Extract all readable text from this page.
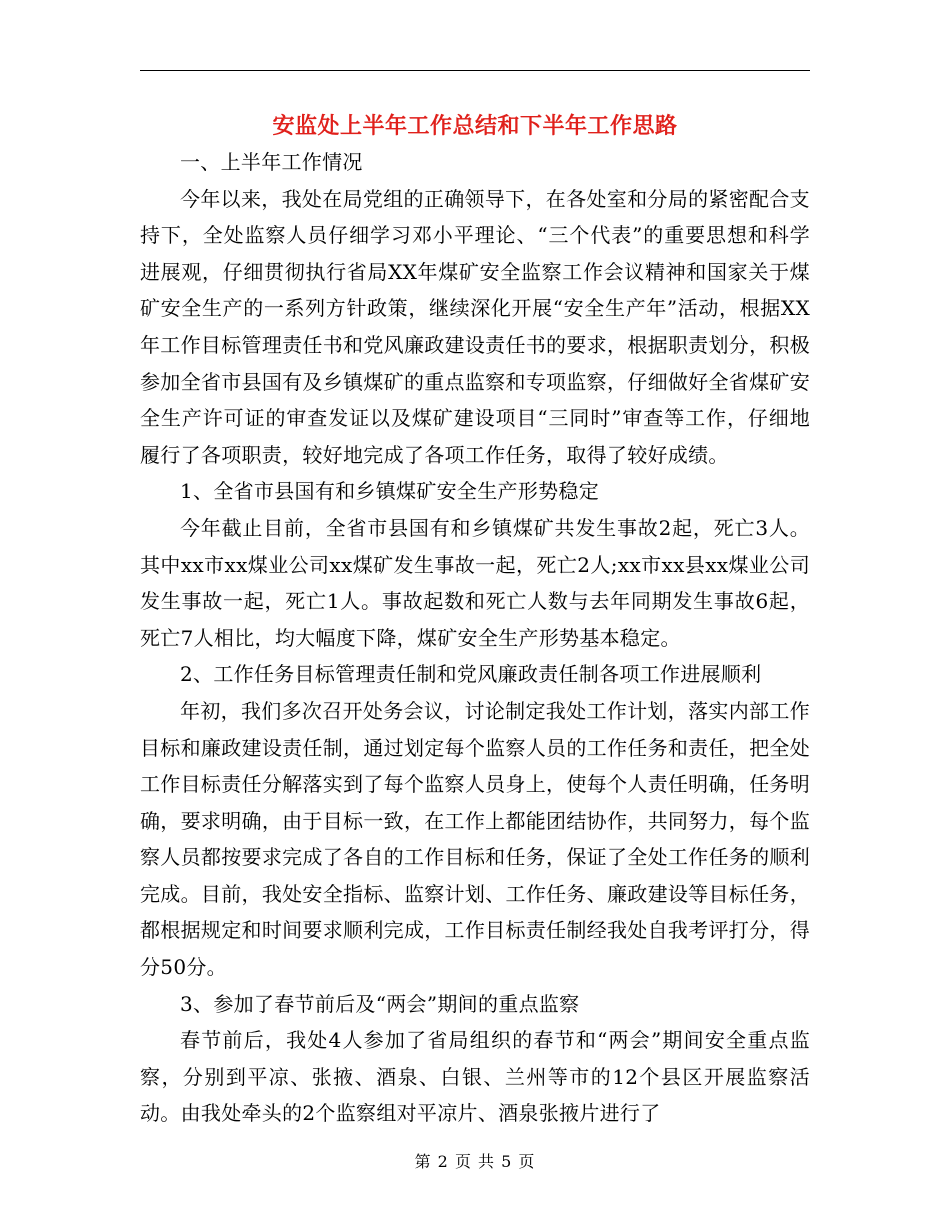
安监处上半年工作总结和下半年工作思路

一、上半年工作情况

今年以来，我处在局党组的正确领导下，在各处室和分局的紧密配合支持下，全处监察人员仔细学习邓小平理论、“三个代表”的重要思想和科学进展观，仔细贯彻执行省局XX年煤矿安全监察工作会议精神和国家关于煤矿安全生产的一系列方针政策，继续深化开展“安全生产年”活动，根据XX年工作目标管理责任书和党风廉政建设责任书的要求，根据职责划分，积极参加全省市县国有及乡镇煤矿的重点监察和专项监察，仔细做好全省煤矿安全生产许可证的审查发证以及煤矿建设项目“三同时”审查等工作，仔细地履行了各项职责，较好地完成了各项工作任务，取得了较好成绩。

1、全省市县国有和乡镇煤矿安全生产形势稳定

今年截止目前，全省市县国有和乡镇煤矿共发生事故2起，死亡3人。其中xx市xx煤业公司xx煤矿发生事故一起，死亡2人;xx市xx县xx煤业公司发生事故一起，死亡1人。事故起数和死亡人数与去年同期发生事故6起，死亡7人相比，均大幅度下降，煤矿安全生产形势基本稳定。

2、工作任务目标管理责任制和党风廉政责任制各项工作进展顺利

年初，我们多次召开处务会议，讨论制定我处工作计划，落实内部工作目标和廉政建设责任制，通过划定每个监察人员的工作任务和责任，把全处工作目标责任分解落实到了每个监察人员身上，使每个人责任明确，任务明确，要求明确，由于目标一致，在工作上都能团结协作，共同努力，每个监察人员都按要求完成了各自的工作目标和任务，保证了全处工作任务的顺利完成。目前，我处安全指标、监察计划、工作任务、廉政建设等目标任务，都根据规定和时间要求顺利完成，工作目标责任制经我处自我考评打分，得分50分。

3、参加了春节前后及“两会”期间的重点监察

春节前后，我处4人参加了省局组织的春节和“两会”期间安全重点监察，分别到平凉、张掖、酒泉、白银、兰州等市的12个县区开展监察活动。由我处牵头的2个监察组对平凉片、酒泉张掖片进行了

第 2 页 共 5 页
